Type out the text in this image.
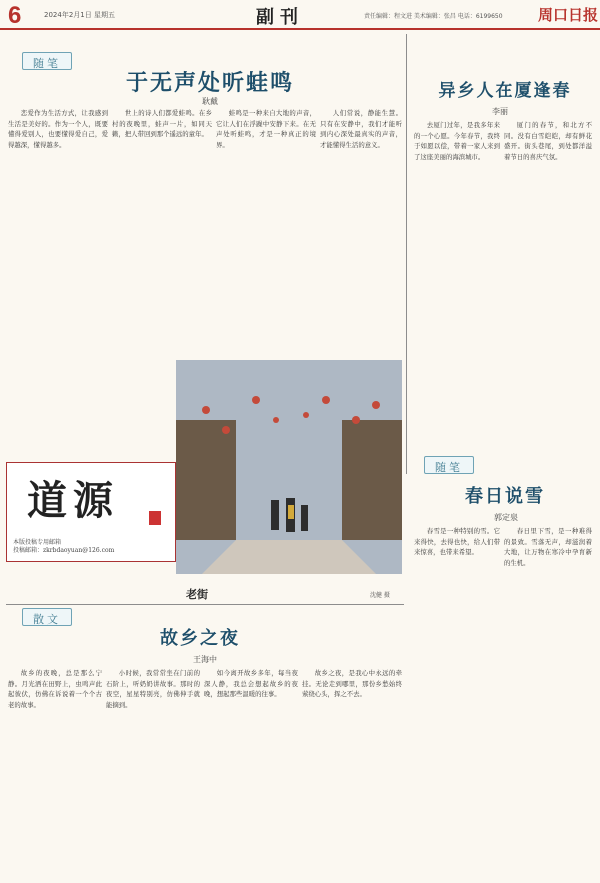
6	2024年2月1日 星期五	副刊	责任编辑：程文进 美术编辑：张昌 电话：6199650 周口日报
随笔
于无声处听蛙鸣
耿戴

恋爱作为生活方式，让我感到生活是美好的。作为一个人，既要懂得爱别人，也要懂得爱自己，爱得越深，懂得越多。

世上的诗人们都爱蛙鸣。在乡村的夜晚里，蛙声一片，如同天籁，把人带回到那个遥远的童年。

蛙鸣是一种来自大地的声音，它让人们在浮躁中安静下来。在无声处听蛙鸣，才是一种真正的境界。

人们常说，静能生慧。只有在安静中，我们才能听到内心深处最真实的声音，才能懂得生活的意义。

道源
本版投稿专用邮箱
投稿邮箱：zkrbdaoyuan@126.com
老街	沈健 摄
异乡人在厦逢春
李丽

去厦门过年，是我多年来的一个心愿。今年春节，我终于如愿以偿，带着一家人来到了这座美丽的海滨城市。

厦门的春节，和北方不同。没有白雪皑皑，却有鲜花盛开。街头巷尾，到处都洋溢着节日的喜庆气氛。

随笔
春日说雪
郭定泉

春雪是一种特别的雪。它来得快，去得也快，给人们带来惊喜，也带来希望。

春日里下雪，是一种难得的景致。雪落无声，却滋润着大地，让万物在寒冷中孕育新的生机。

散文
故乡之夜
王海中

故乡的夜晚，总是那么宁静。月光洒在田野上，虫鸣声此起彼伏，仿佛在诉说着一个个古老的故事。

小时候，我常常坐在门前的石阶上，听奶奶讲故事。那时的夜空，星星特别亮，仿佛伸手就能摘到。

如今离开故乡多年，每当夜深人静，我总会想起故乡的夜晚，想起那些温暖的往事。

故乡之夜，是我心中永远的牵挂。无论走到哪里，那份乡愁始终萦绕心头，挥之不去。
